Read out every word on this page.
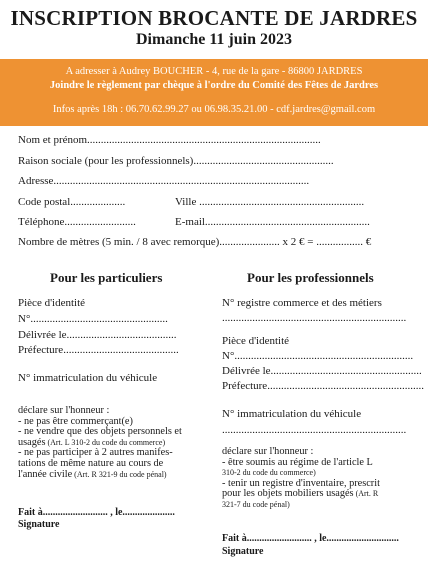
INSCRIPTION BROCANTE DE JARDRES
Dimanche 11 juin 2023
A adresser à Audrey BOUCHER - 4, rue de la gare - 86800 JARDRES
Joindre le règlement par chèque à l'ordre du Comité des Fêtes de Jardres
Infos après 18h : 06.70.62.99.27 ou 06.98.35.21.00 - cdf.jardres@gmail.com
Nom et prénom.....................................................................................
Raison sociale (pour les professionnels)...................................................
Adresse.............................................................................................
Code postal....................	Ville ............................................................
Téléphone..........................	E-mail............................................................
Nombre de mètres (5 min. / 8 avec remorque)...................... x 2 € = ................. €
Pour les particuliers	Pour les professionnels
Pièce d'identité
N°..................................................
Délivrée le........................................
Préfecture..........................................
N° immatriculation du véhicule
déclare sur l'honneur :
- ne pas être commerçant(e)
- ne vendre que des objets personnels et
usagés (Art. L 310-2 du code du commerce)
- ne pas participer à 2 autres manifes-
tations de même nature au cours de
l'année civile (Art. R 321-9 du code pénal)
Fait à.......................... , le.....................
Signature
N° registre commerce et des métiers
...................................................................
Pièce d'identité
N°.................................................................
Délivrée le.......................................................
Préfecture.........................................................
N° immatriculation du véhicule
...................................................................
déclare sur l'honneur :
- être soumis au régime de l'article L
310-2 du code du commerce)
- tenir un registre d'inventaire, prescrit
pour les objets mobiliers usagés (Art. R
321-7 du code pénal)
Fait à.......................... , le.............................
Signature
